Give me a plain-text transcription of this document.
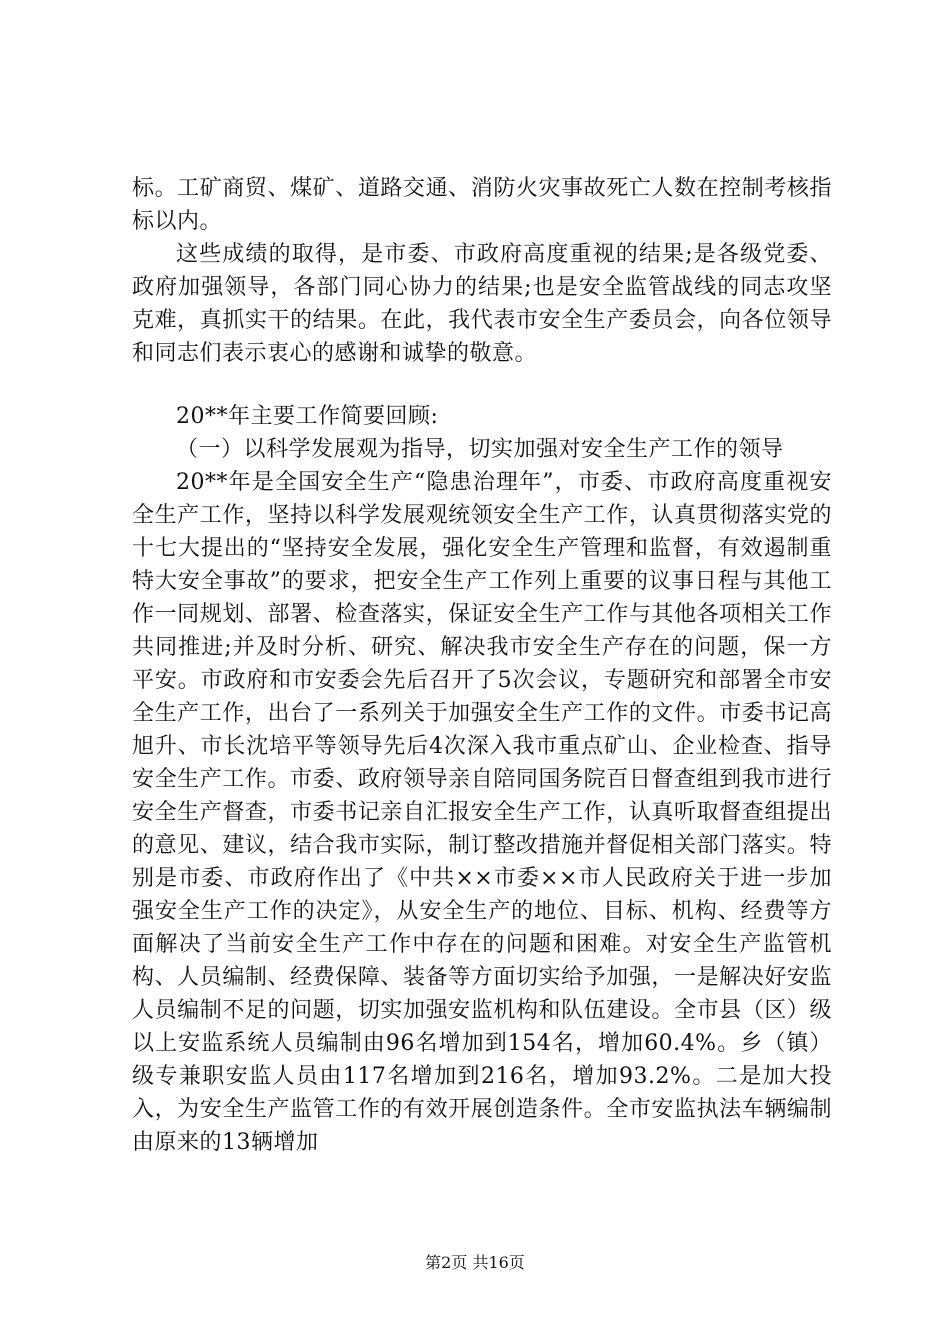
标。工矿商贸、煤矿、道路交通、消防火灾事故死亡人数在控制考核指标以内。

这些成绩的取得，是市委、市政府高度重视的结果;是各级党委、政府加强领导，各部门同心协力的结果;也是安全监管战线的同志攻坚克难，真抓实干的结果。在此，我代表市安全生产委员会，向各位领导和同志们表示衷心的感谢和诚挚的敬意。

20**年主要工作简要回顾:

（一）以科学发展观为指导，切实加强对安全生产工作的领导

20**年是全国安全生产“隐患治理年”，市委、市政府高度重视安全生产工作，坚持以科学发展观统领安全生产工作，认真贯彻落实党的十七大提出的“坚持安全发展，强化安全生产管理和监督，有效遏制重特大安全事故”的要求，把安全生产工作列上重要的议事日程与其他工作一同规划、部署、检查落实，保证安全生产工作与其他各项相关工作共同推进;并及时分析、研究、解决我市安全生产存在的问题，保一方平安。市政府和市安委会先后召开了5次会议，专题研究和部署全市安全生产工作，出台了一系列关于加强安全生产工作的文件。市委书记高旭升、市长沈培平等领导先后4次深入我市重点矿山、企业检查、指导安全生产工作。市委、政府领导亲自陪同国务院百日督查组到我市进行安全生产督查，市委书记亲自汇报安全生产工作，认真听取督查组提出的意见、建议，结合我市实际，制订整改措施并督促相关部门落实。特别是市委、市政府作出了《中共××市委××市人民政府关于进一步加强安全生产工作的决定》，从安全生产的地位、目标、机构、经费等方面解决了当前安全生产工作中存在的问题和困难。对安全生产监管机构、人员编制、经费保障、装备等方面切实给予加强，一是解决好安监人员编制不足的问题，切实加强安监机构和队伍建设。全市县（区）级以上安监系统人员编制由96名增加到154名，增加60.4%。乡（镇）级专兼职安监人员由117名增加到216名，增加93.2%。二是加大投入，为安全生产监管工作的有效开展创造条件。全市安监执法车辆编制由原来的13辆增加

第2页 共16页
